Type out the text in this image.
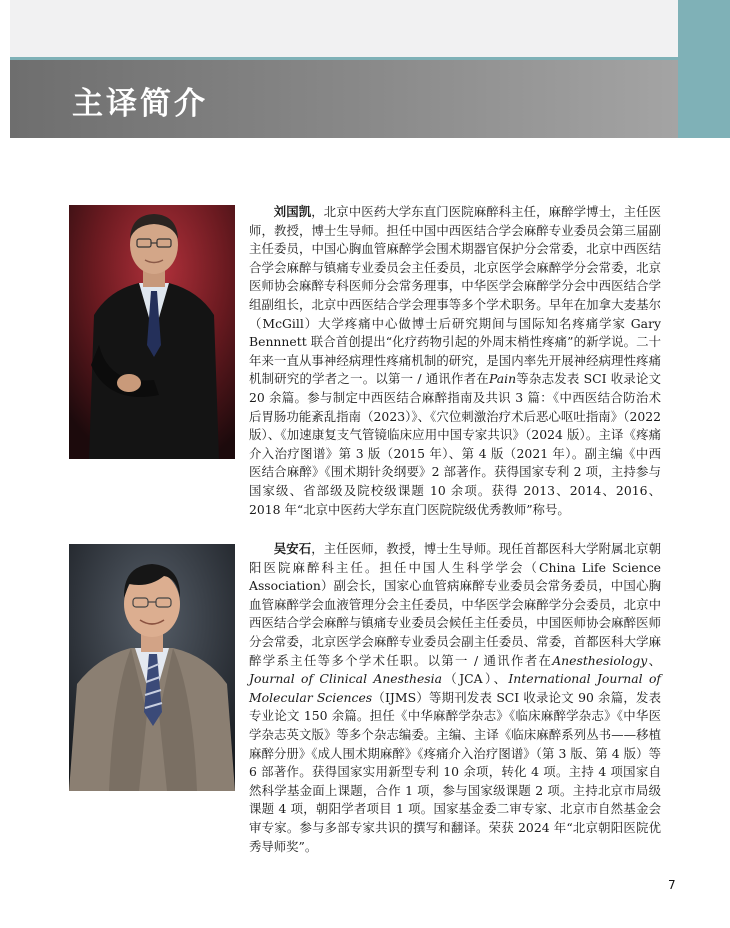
主译简介

刘国凯，北京中医药大学东直门医院麻醉科主任，麻醉学博士，主任医师，教授，博士生导师。担任中国中西医结合学会麻醉专业委员会第三届副主任委员，中国心胸血管麻醉学会围术期器官保护分会常委，北京中西医结合学会麻醉与镇痛专业委员会主任委员，北京医学会麻醉学分会常委，北京医师协会麻醉专科医师分会常务理事，中华医学会麻醉学分会中西医结合学组副组长，北京中西医结合学会理事等多个学术职务。早年在加拿大麦基尔（McGill）大学疼痛中心做博士后研究期间与国际知名疼痛学家 Gary Bennnett 联合首创提出“化疗药物引起的外周末梢性疼痛”的新学说。二十年来一直从事神经病理性疼痛机制的研究，是国内率先开展神经病理性疼痛机制研究的学者之一。以第一 / 通讯作者在Pain等杂志发表 SCI 收录论文 20 余篇。参与制定中西医结合麻醉指南及共识 3 篇：《中西医结合防治术后胃肠功能紊乱指南（2023）》、《穴位刺激治疗术后恶心呕吐指南》（2022 版）、《加速康复支气管镜临床应用中国专家共识》（2024 版）。主译《疼痛介入治疗图谱》第 3 版（2015 年）、第 4 版（2021 年）。副主编《中西医结合麻醉》《围术期针灸纲要》2 部著作。获得国家专利 2 项，主持参与国家级、省部级及院校级课题 10 余项。获得 2013、2014、2016、2018 年“北京中医药大学东直门医院院级优秀教师”称号。

吴安石，主任医师，教授，博士生导师。现任首都医科大学附属北京朝阳医院麻醉科主任。担任中国人生科学学会（China Life Science Association）副会长，国家心血管病麻醉专业委员会常务委员，中国心胸血管麻醉学会血液管理分会主任委员，中华医学会麻醉学分会委员，北京中西医结合学会麻醉与镇痛专业委员会候任主任委员，中国医师协会麻醉医师分会常委，北京医学会麻醉专业委员会副主任委员、常委，首都医科大学麻醉学系主任等多个学术任职。以第一 / 通讯作者在Anesthesiology、Journal of Clinical Anesthesia（JCA）、International Journal of Molecular Sciences（IJMS）等期刊发表 SCI 收录论文 90 余篇，发表专业论文 150 余篇。担任《中华麻醉学杂志》《临床麻醉学杂志》《中华医学杂志英文版》等多个杂志编委。主编、主译《临床麻醉系列丛书——移植麻醉分册》《成人围术期麻醉》《疼痛介入治疗图谱》（第 3 版、第 4 版）等 6 部著作。获得国家实用新型专利 10 余项，转化 4 项。主持 4 项国家自然科学基金面上课题，合作 1 项，参与国家级课题 2 项。主持北京市局级课题 4 项，朝阳学者项目 1 项。国家基金委二审专家、北京市自然基金会审专家。参与多部专家共识的撰写和翻译。荣获 2024 年“北京朝阳医院优秀导师奖”。

7
